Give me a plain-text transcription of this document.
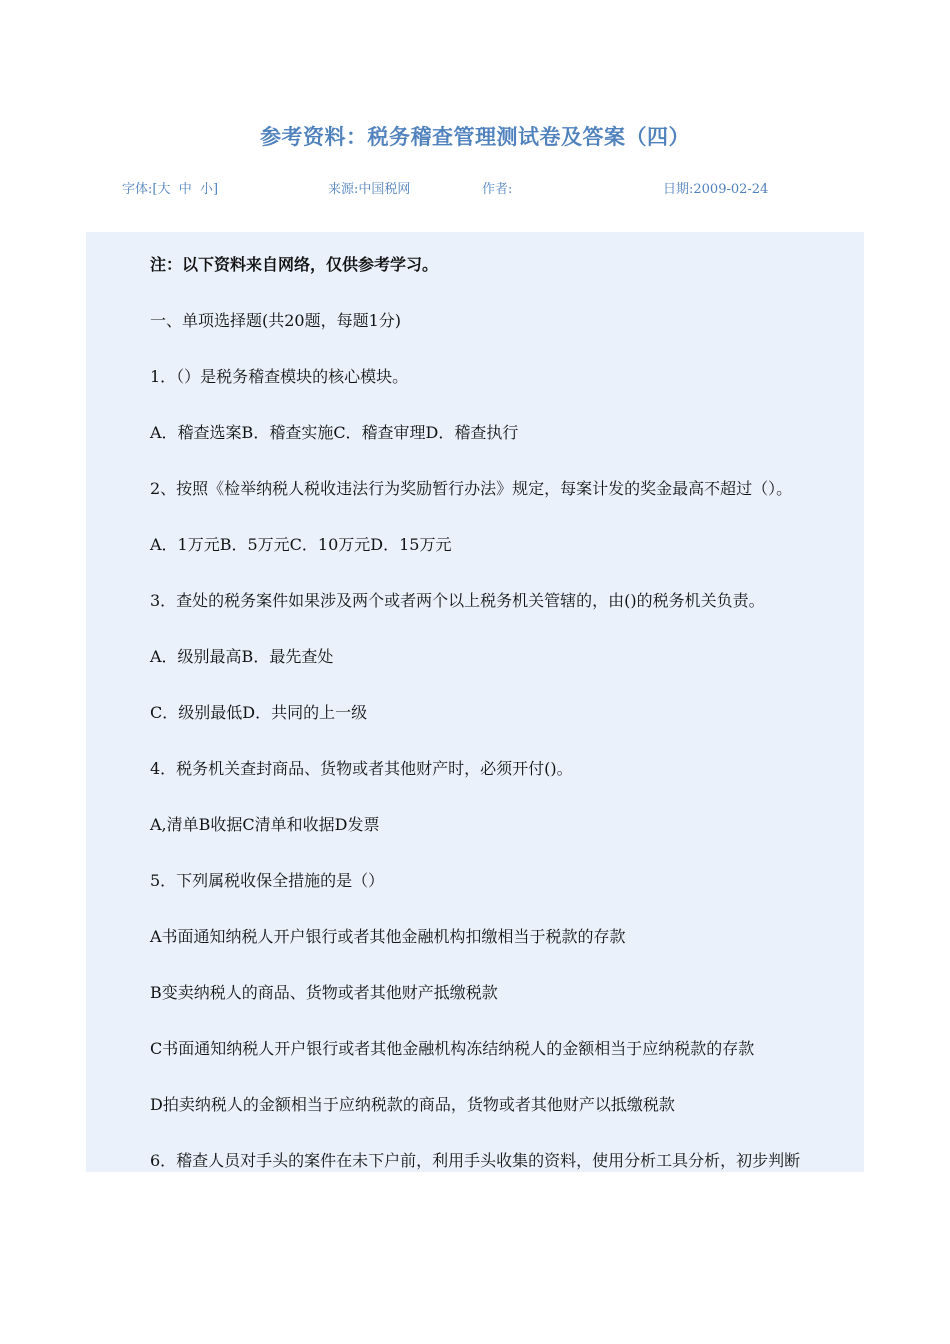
参考资料：税务稽查管理测试卷及答案（四）
字体:[大 中 小]	来源:中国税网	作者:	日期:2009-02-24
注：以下资料来自网络，仅供参考学习。
一、单项选择题(共20题，每题1分)
1．（）是税务稽查模块的核心模块。
A．稽查选案B．稽查实施C．稽查审理D．稽查执行
2、按照《检举纳税人税收违法行为奖励暂行办法》规定，每案计发的奖金最高不超过（）。
A．1万元B．5万元C．10万元D．15万元
3．查处的税务案件如果涉及两个或者两个以上税务机关管辖的，由()的税务机关负责。
A．级别最高B．最先查处
C．级别最低D．共同的上一级
4．税务机关查封商品、货物或者其他财产时，必须开付()。
A,清单B收据C清单和收据D发票
5．下列属税收保全措施的是（）
A书面通知纳税人开户银行或者其他金融机构扣缴相当于税款的存款
B变卖纳税人的商品、货物或者其他财产抵缴税款
C书面通知纳税人开户银行或者其他金融机构冻结纳税人的金额相当于应纳税款的存款
D拍卖纳税人的金额相当于应纳税款的商品，货物或者其他财产以抵缴税款
6．稽查人员对手头的案件在未下户前，利用手头收集的资料，使用分析工具分析，初步判断
